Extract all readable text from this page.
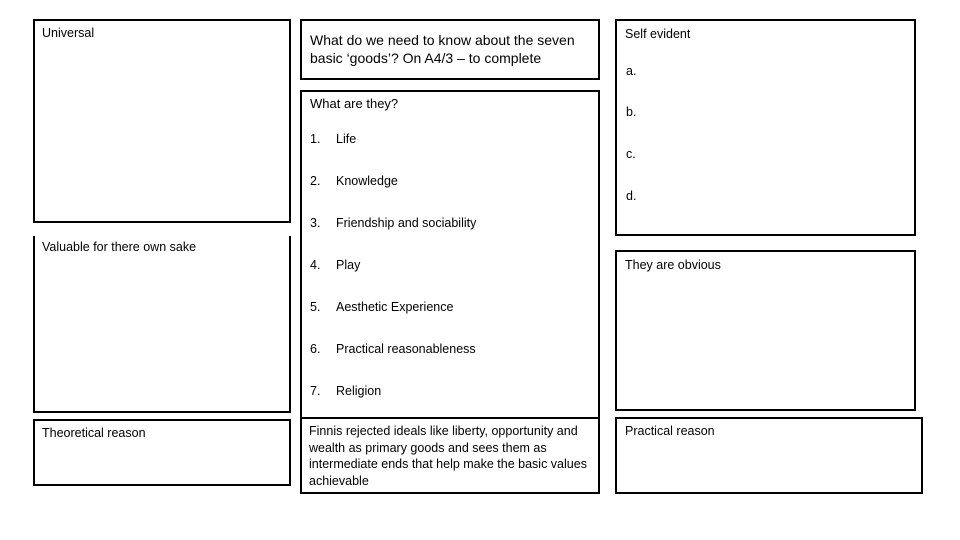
Universal
Valuable for there own sake
Theoretical reason
What do we need to know about the seven basic ‘goods’? On A4/3 – to complete
What are they?
1.	Life
2.	Knowledge
3.	Friendship and sociability
4.	Play
5.	Aesthetic Experience
6.	Practical reasonableness
7.	Religion
Finnis rejected ideals like liberty, opportunity and wealth as primary goods and sees them as intermediate ends that help make the basic values achievable
Self evident
a.
b.
c.
d.
They are obvious
Practical reason
